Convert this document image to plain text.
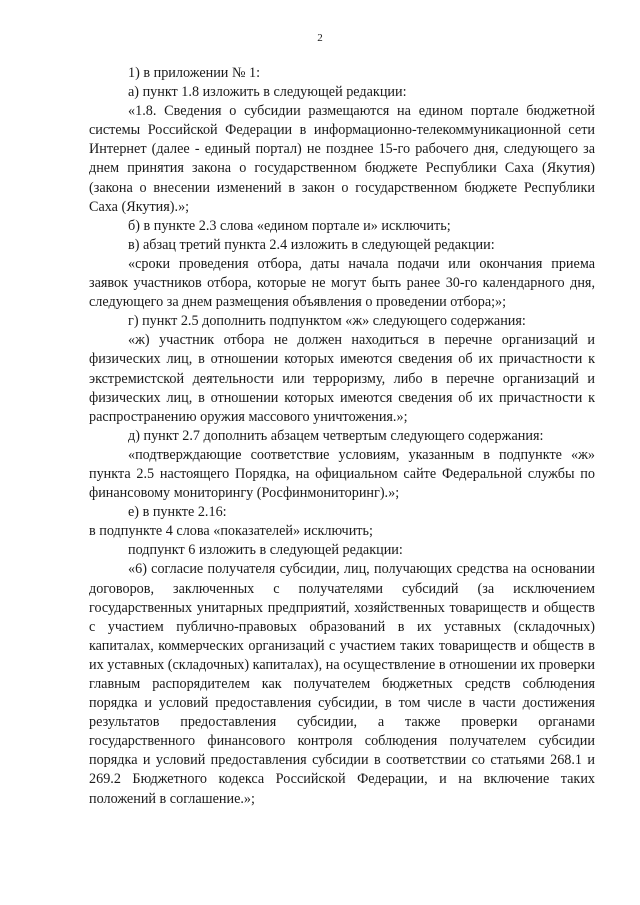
2

1) в приложении № 1:

а) пункт 1.8 изложить в следующей редакции:

«1.8. Сведения о субсидии размещаются на едином портале бюджетной системы Российской Федерации в информационно-телекоммуникационной сети Интернет (далее - единый портал) не позднее 15-го рабочего дня, следующего за днем принятия закона о государственном бюджете Республики Саха (Якутия) (закона о внесении изменений в закон о государственном бюджете Республики Саха (Якутия).»;

б) в пункте 2.3 слова «едином портале и» исключить;

в) абзац третий пункта 2.4 изложить в следующей редакции:

«сроки проведения отбора, даты начала подачи или окончания приема заявок участников отбора, которые не могут быть ранее 30-го календарного дня, следующего за днем размещения объявления о проведении отбора;»;

г) пункт 2.5 дополнить подпунктом «ж» следующего содержания:

«ж) участник отбора не должен находиться в перечне организаций и физических лиц, в отношении которых имеются сведения об их причастности к экстремистской деятельности или терроризму, либо в перечне организаций и физических лиц, в отношении которых имеются сведения об их причастности к распространению оружия массового уничтожения.»;

д) пункт 2.7 дополнить абзацем четвертым следующего содержания:

«подтверждающие соответствие условиям, указанным в подпункте «ж» пункта 2.5 настоящего Порядка, на официальном сайте Федеральной службы по финансовому мониторингу (Росфинмониторинг).»;

е) в пункте 2.16:

в подпункте 4 слова «показателей» исключить;

подпункт 6 изложить в следующей редакции:

«6) согласие получателя субсидии, лиц, получающих средства на основании договоров, заключенных с получателями субсидий (за исключением государственных унитарных предприятий, хозяйственных товариществ и обществ с участием публично-правовых образований в их уставных (складочных) капиталах, коммерческих организаций с участием таких товариществ и обществ в их уставных (складочных) капиталах), на осуществление в отношении их проверки главным распорядителем как получателем бюджетных средств соблюдения порядка и условий предоставления субсидии, в том числе в части достижения результатов предоставления субсидии, а также проверки органами государственного финансового контроля соблюдения получателем субсидии порядка и условий предоставления субсидии в соответствии со статьями 268.1 и 269.2 Бюджетного кодекса Российской Федерации, и на включение таких положений в соглашение.»;
